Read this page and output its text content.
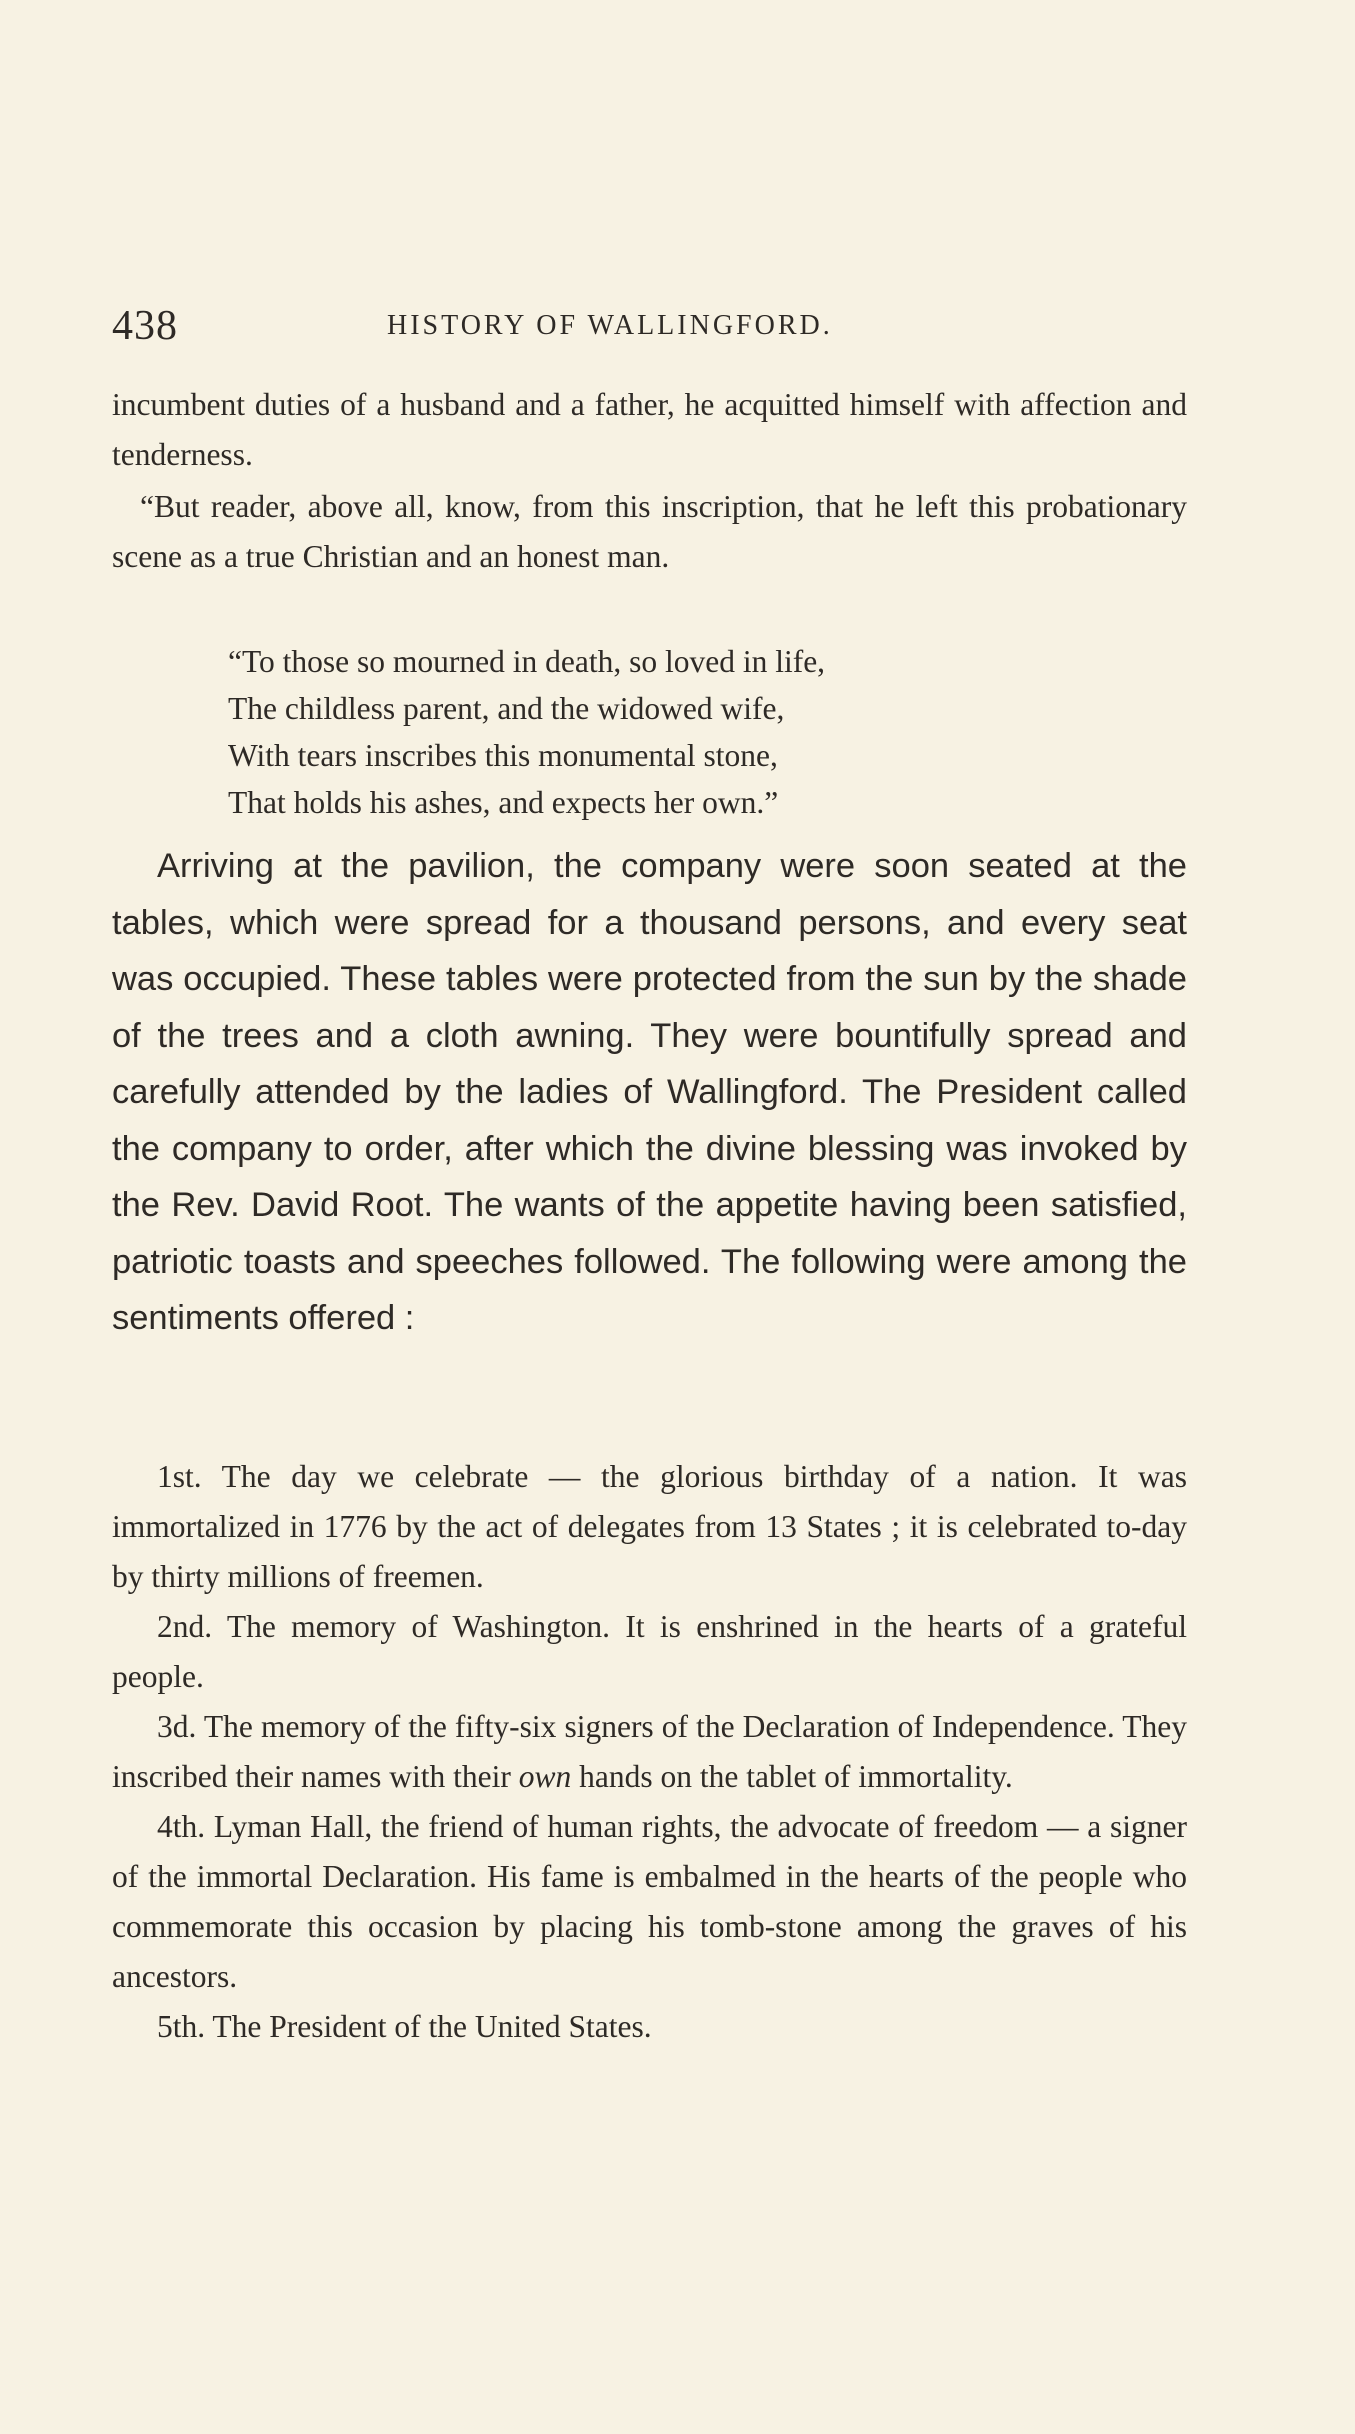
438	HISTORY OF WALLINGFORD.

incumbent duties of a husband and a father, he acquitted himself with affection and tenderness.

“But reader, above all, know, from this inscription, that he left this probationary scene as a true Christian and an honest man.

“To those so mourned in death, so loved in life,

The childless parent, and the widowed wife,

With tears inscribes this monumental stone,

That holds his ashes, and expects her own.”

Arriving at the pavilion, the company were soon seated at the tables, which were spread for a thousand persons, and every seat was occupied. These tables were protected from the sun by the shade of the trees and a cloth awning. They were bountifully spread and carefully attended by the ladies of Wallingford. The President called the company to order, after which the divine blessing was invoked by the Rev. David Root. The wants of the appetite having been satisfied, patriotic toasts and speeches followed. The following were among the sentiments offered :

1st. The day we celebrate — the glorious birthday of a nation. It was immortalized in 1776 by the act of delegates from 13 States ; it is celebrated to-day by thirty millions of freemen.

2nd. The memory of Washington. It is enshrined in the hearts of a grateful people.

3d. The memory of the fifty-six signers of the Declaration of Independence. They inscribed their names with their own hands on the tablet of immortality.

4th. Lyman Hall, the friend of human rights, the advocate of freedom — a signer of the immortal Declaration. His fame is embalmed in the hearts of the people who commemorate this occasion by placing his tomb-stone among the graves of his ancestors.

5th. The President of the United States.
